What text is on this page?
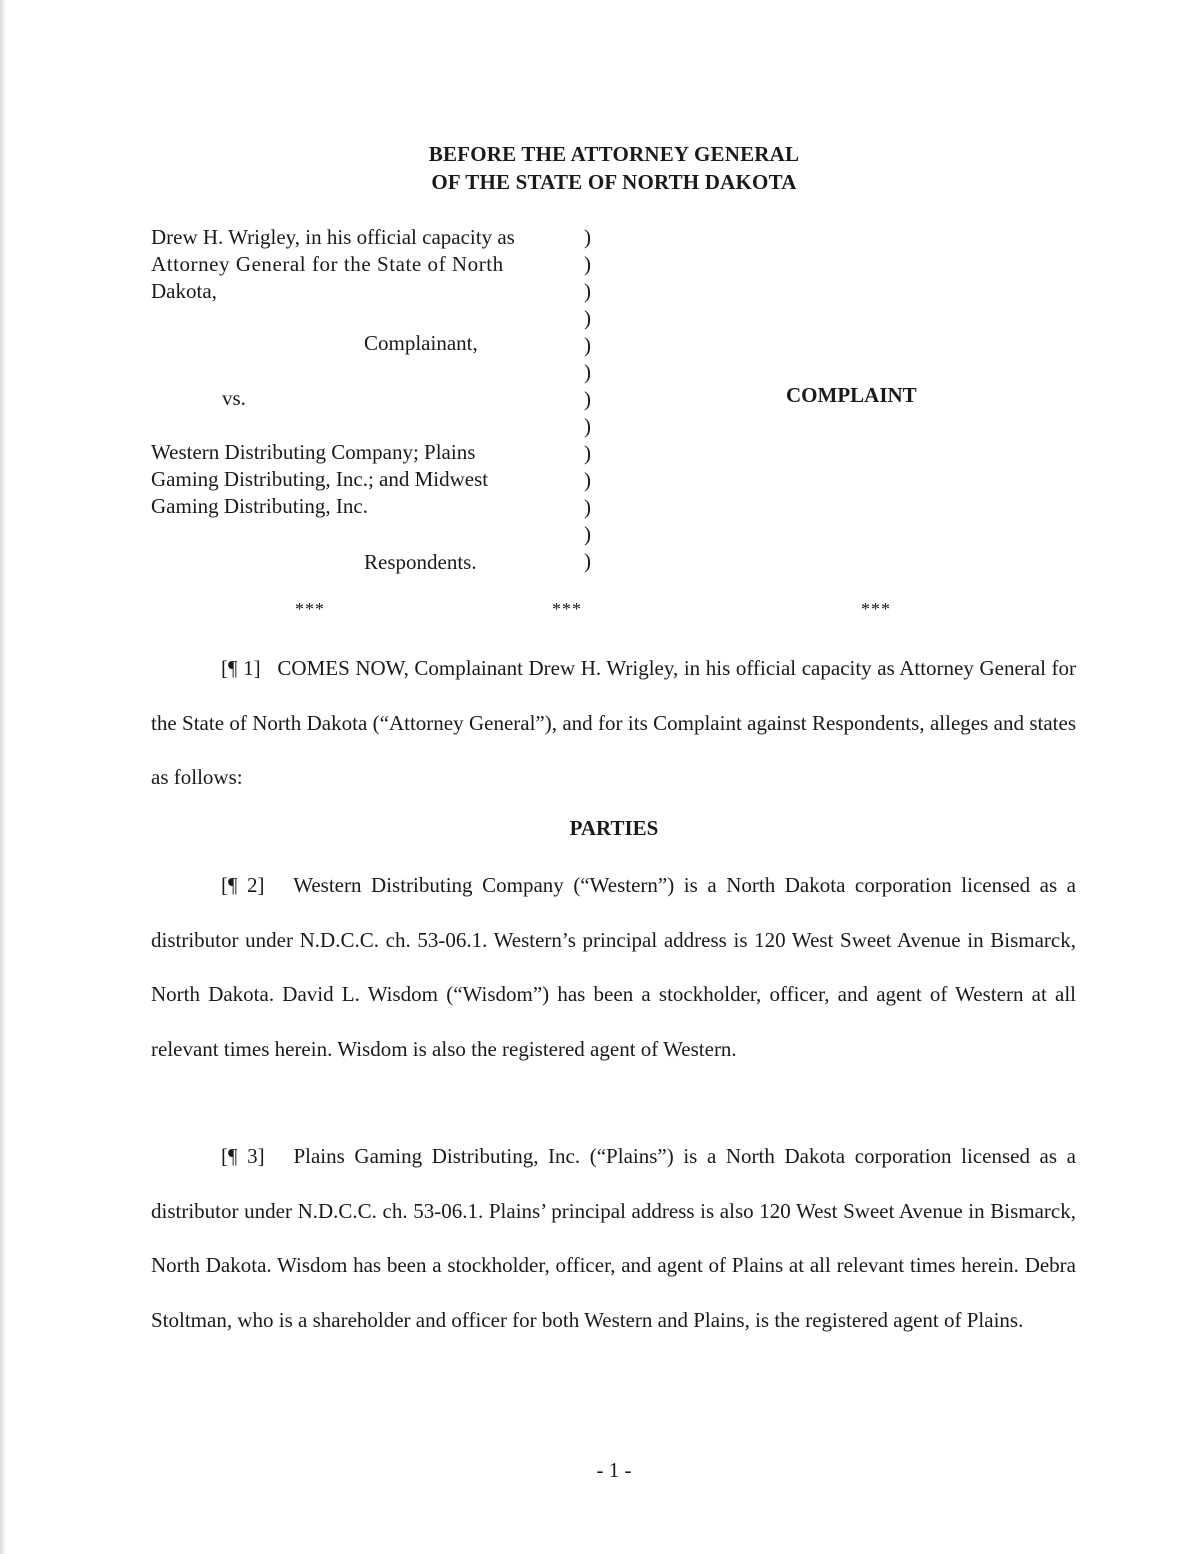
BEFORE THE ATTORNEY GENERAL
OF THE STATE OF NORTH DAKOTA
Drew H. Wrigley, in his official capacity as
Attorney General for the State of North
Dakota,
Complainant,
vs.
Western Distributing Company; Plains
Gaming Distributing, Inc.; and Midwest
Gaming Distributing, Inc.
Respondents.
)
)
)
)
)
)
)
)
)
)
)
)
)
COMPLAINT
***	***	***

[¶ 1] COMES NOW, Complainant Drew H. Wrigley, in his official capacity as Attorney General for the State of North Dakota (“Attorney General”), and for its Complaint against Respondents, alleges and states as follows:

PARTIES

[¶ 2] Western Distributing Company (“Western”) is a North Dakota corporation licensed as a distributor under N.D.C.C. ch. 53-06.1. Western’s principal address is 120 West Sweet Avenue in Bismarck, North Dakota. David L. Wisdom (“Wisdom”) has been a stockholder, officer, and agent of Western at all relevant times herein. Wisdom is also the registered agent of Western.

[¶ 3] Plains Gaming Distributing, Inc. (“Plains”) is a North Dakota corporation licensed as a distributor under N.D.C.C. ch. 53-06.1. Plains’ principal address is also 120 West Sweet Avenue in Bismarck, North Dakota. Wisdom has been a stockholder, officer, and agent of Plains at all relevant times herein. Debra Stoltman, who is a shareholder and officer for both Western and Plains, is the registered agent of Plains.

- 1 -
